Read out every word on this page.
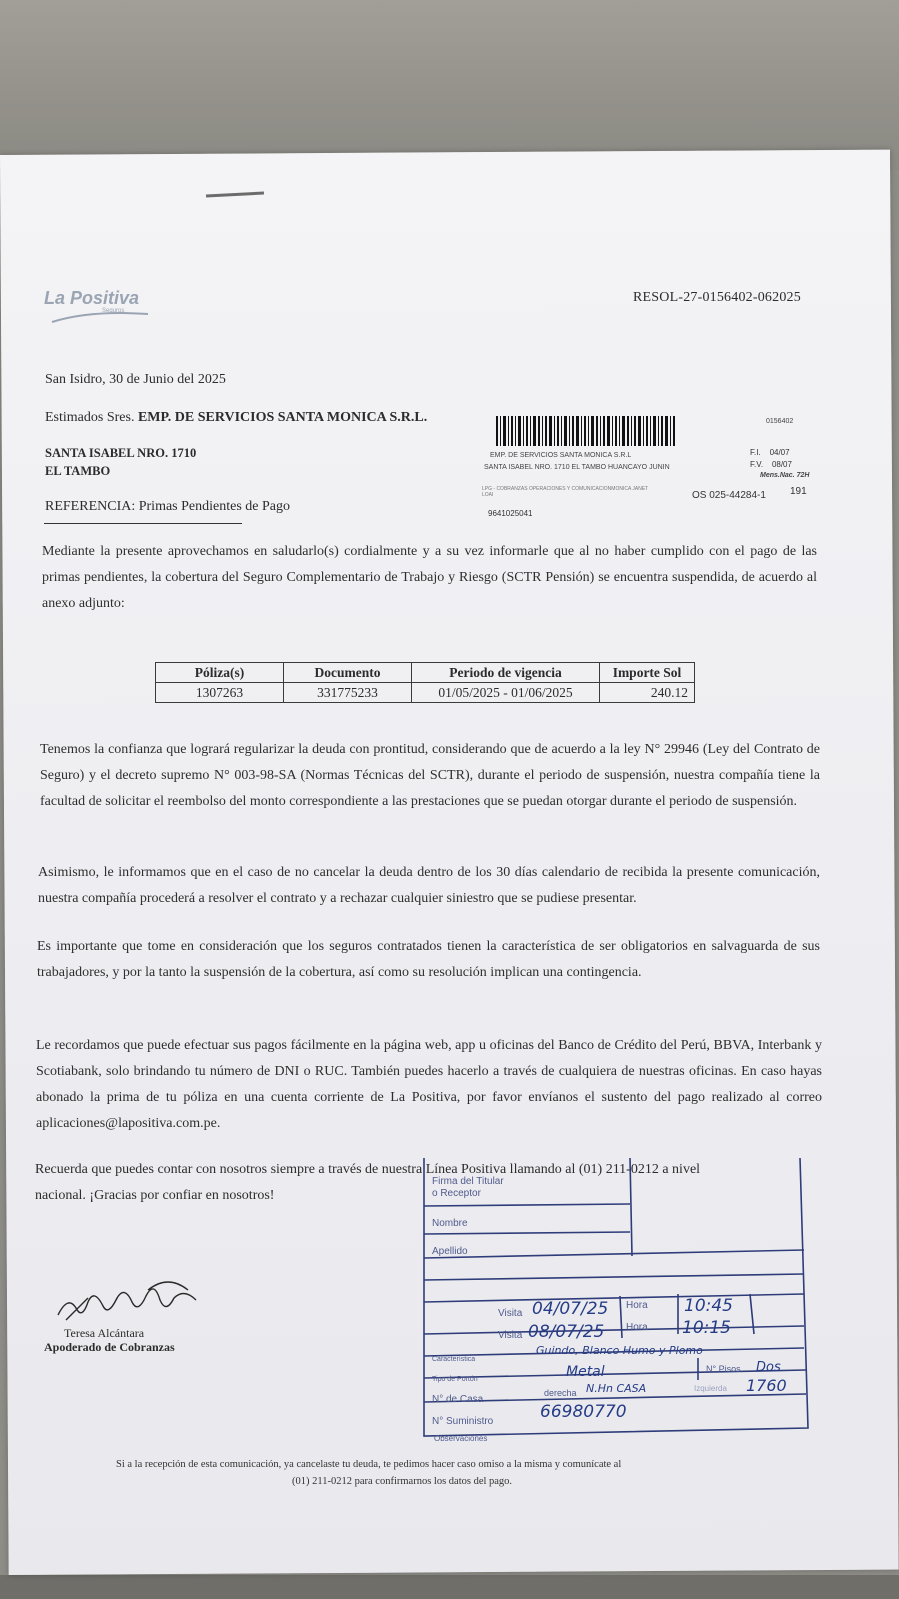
La Positiva
Seguros
RESOL-27-0156402-062025
San Isidro, 30 de Junio del 2025
Estimados Sres. EMP. DE SERVICIOS SANTA MONICA S.R.L.
SANTA ISABEL NRO. 1710
EL TAMBO
REFERENCIA: Primas Pendientes de Pago
0156402
EMP. DE SERVICIOS SANTA MONICA S.R.L
SANTA ISABEL NRO. 1710 EL TAMBO HUANCAYO JUNIN
F.I. 04/07
F.V. 08/07
Mens.Nac. 72H
LPG - COBRANZAS OPERACIONES Y COMUNICACIONMONICA JANET
LOAI	OS 025-44284-1 191
9641025041
Mediante la presente aprovechamos en saludarlo(s) cordialmente y a su vez informarle que al no haber cumplido con el pago de las primas pendientes, la cobertura del Seguro Complementario de Trabajo y Riesgo (SCTR Pensión) se encuentra suspendida, de acuerdo al anexo adjunto:
Póliza(s)	Documento	Periodo de vigencia	Importe Sol
1307263	331775233	01/05/2025 - 01/06/2025	240.12
Tenemos la confianza que logrará regularizar la deuda con prontitud, considerando que de acuerdo a la ley N° 29946 (Ley del Contrato de Seguro) y el decreto supremo N° 003-98-SA (Normas Técnicas del SCTR), durante el periodo de suspensión, nuestra compañía tiene la facultad de solicitar el reembolso del monto correspondiente a las prestaciones que se puedan otorgar durante el periodo de suspensión.
Asimismo, le informamos que en el caso de no cancelar la deuda dentro de los 30 días calendario de recibida la presente comunicación, nuestra compañía procederá a resolver el contrato y a rechazar cualquier siniestro que se pudiese presentar.
Es importante que tome en consideración que los seguros contratados tienen la característica de ser obligatorios en salvaguarda de sus trabajadores, y por la tanto la suspensión de la cobertura, así como su resolución implican una contingencia.
Le recordamos que puede efectuar sus pagos fácilmente en la página web, app u oficinas del Banco de Crédito del Perú, BBVA, Interbank y Scotiabank, solo brindando tu número de DNI o RUC. También puedes hacerlo a través de cualquiera de nuestras oficinas. En caso hayas abonado la prima de tu póliza en una cuenta corriente de La Positiva, por favor envíanos el sustento del pago realizado al correo aplicaciones@lapositiva.com.pe.
Recuerda que puedes contar con nosotros siempre a través de nuestra Línea Positiva llamando al (01) 211-0212 a nivel
nacional. ¡Gracias por confiar en nosotros!
Teresa Alcántara
Apoderado de Cobranzas
Firma del Titular
o Receptor
Nombre
Apellido
Visita 04/07/25 Hora 10:45
Visita 08/07/25 Hora 10:15
Característica
Guindo, Blanco Humo y Plomo
Tipo de Portón	Metal	N° Pisos Dos
N° de Casa
derecha N.Hn CASA	Izquierda 1760
N° Suministro	66980770
Observaciones
Si a la recepción de esta comunicación, ya cancelaste tu deuda, te pedimos hacer caso omiso a la misma y comunícate al
(01) 211-0212 para confirmarnos los datos del pago.
